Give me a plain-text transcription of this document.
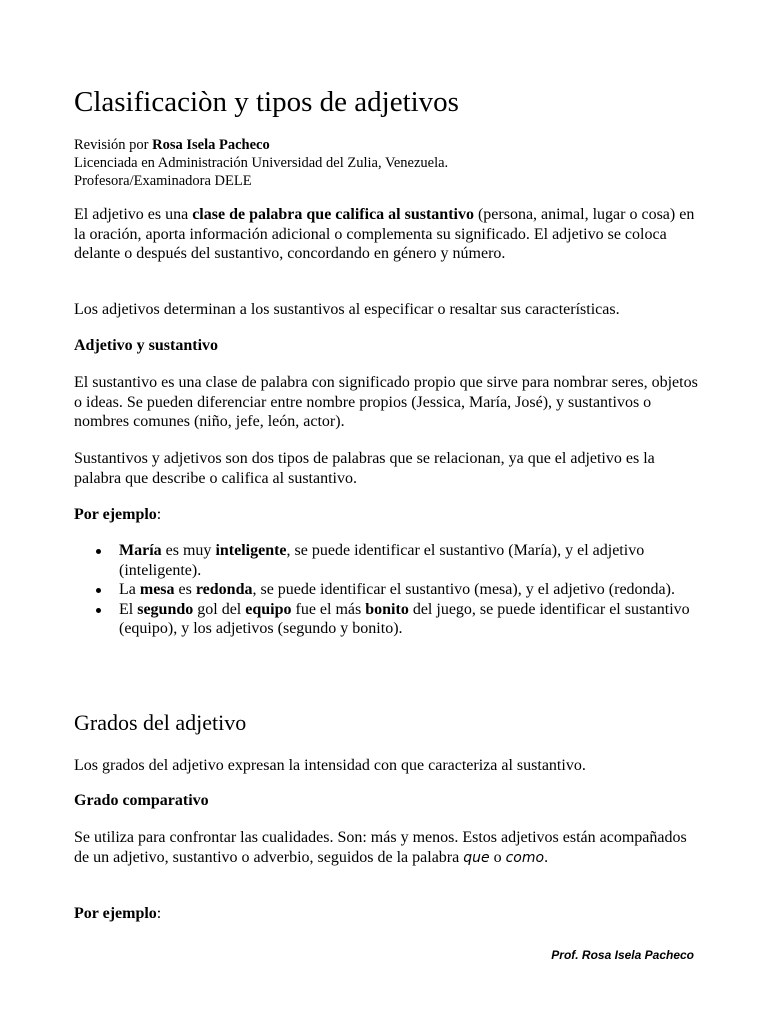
Clasificaciòn y tipos de adjetivos
Revisión por Rosa Isela Pacheco
Licenciada en Administración Universidad del Zulia, Venezuela.
Profesora/Examinadora DELE

El adjetivo es una clase de palabra que califica al sustantivo (persona, animal, lugar o cosa) en la oración, aporta información adicional o complementa su significado. El adjetivo se coloca delante o después del sustantivo, concordando en género y número.

Los adjetivos determinan a los sustantivos al especificar o resaltar sus características.

Adjetivo y sustantivo

El sustantivo es una clase de palabra con significado propio que sirve para nombrar seres, objetos o ideas. Se pueden diferenciar entre nombre propios (Jessica, María, José), y sustantivos o nombres comunes (niño, jefe, león, actor).

Sustantivos y adjetivos son dos tipos de palabras que se relacionan, ya que el adjetivo es la palabra que describe o califica al sustantivo.

Por ejemplo:

María es muy inteligente, se puede identificar el sustantivo (María), y el adjetivo (inteligente).
La mesa es redonda, se puede identificar el sustantivo (mesa), y el adjetivo (redonda).
El segundo gol del equipo fue el más bonito del juego, se puede identificar el sustantivo (equipo), y los adjetivos (segundo y bonito).
Grados del adjetivo

Los grados del adjetivo expresan la intensidad con que caracteriza al sustantivo.

Grado comparativo

Se utiliza para confrontar las cualidades. Son: más y menos. Estos adjetivos están acompañados de un adjetivo, sustantivo o adverbio, seguidos de la palabra que o como.

Por ejemplo:

Prof. Rosa Isela Pacheco
